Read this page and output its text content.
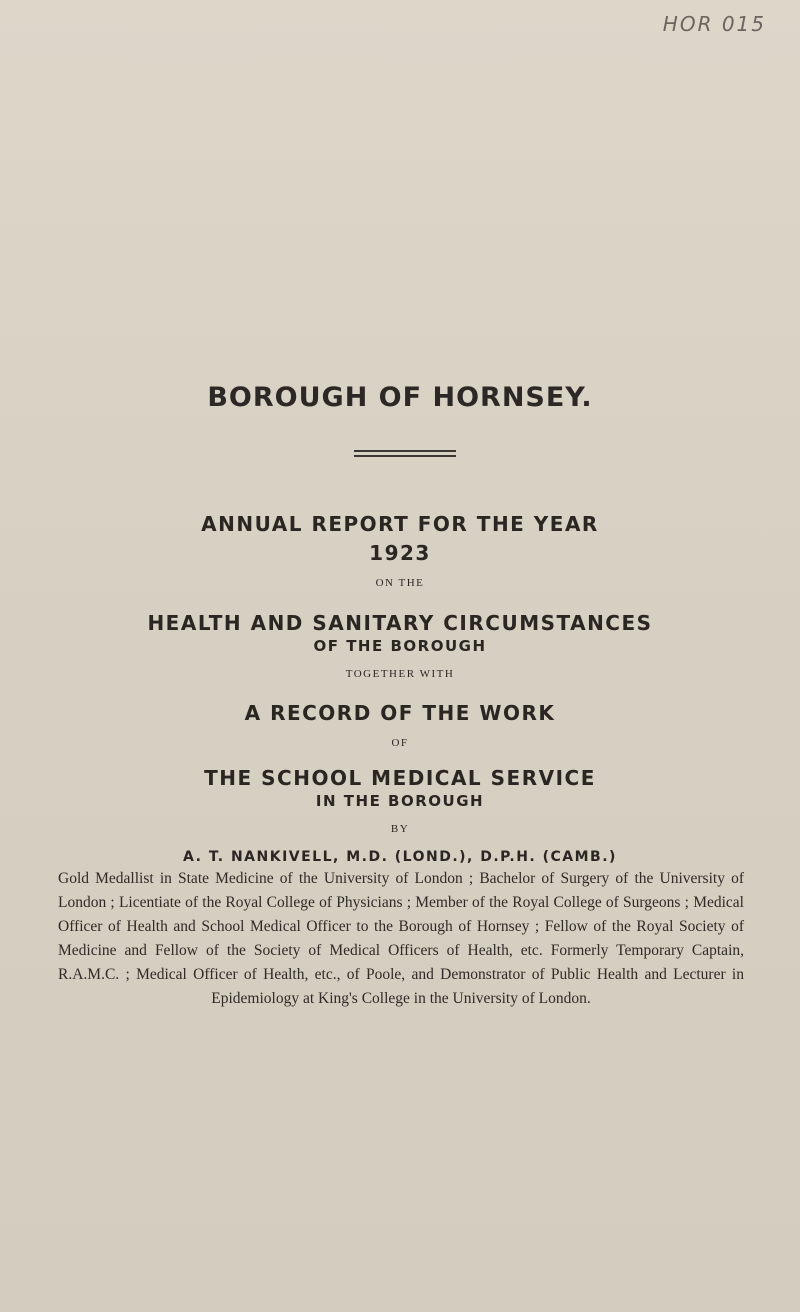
HOR 015
BOROUGH OF HORNSEY.
ANNUAL REPORT FOR THE YEAR
1923
ON THE
HEALTH AND SANITARY CIRCUMSTANCES
OF THE BOROUGH
TOGETHER WITH
A RECORD OF THE WORK
OF
THE SCHOOL MEDICAL SERVICE
IN THE BOROUGH
BY
A. T. NANKIVELL, M.D. (LOND.), D.P.H. (CAMB.)
Gold Medallist in State Medicine of the University of London ; Bachelor of Surgery of the University of London ; Licentiate of the Royal College of Physicians ; Member of the Royal College of Surgeons ; Medical Officer of Health and School Medical Officer to the Borough of Hornsey ; Fellow of the Royal Society of Medicine and Fellow of the Society of Medical Officers of Health, etc. Formerly Temporary Captain, R.A.M.C. ; Medical Officer of Health, etc., of Poole, and Demonstrator of Public Health and Lecturer in Epidemiology at King's College in the University of London.
